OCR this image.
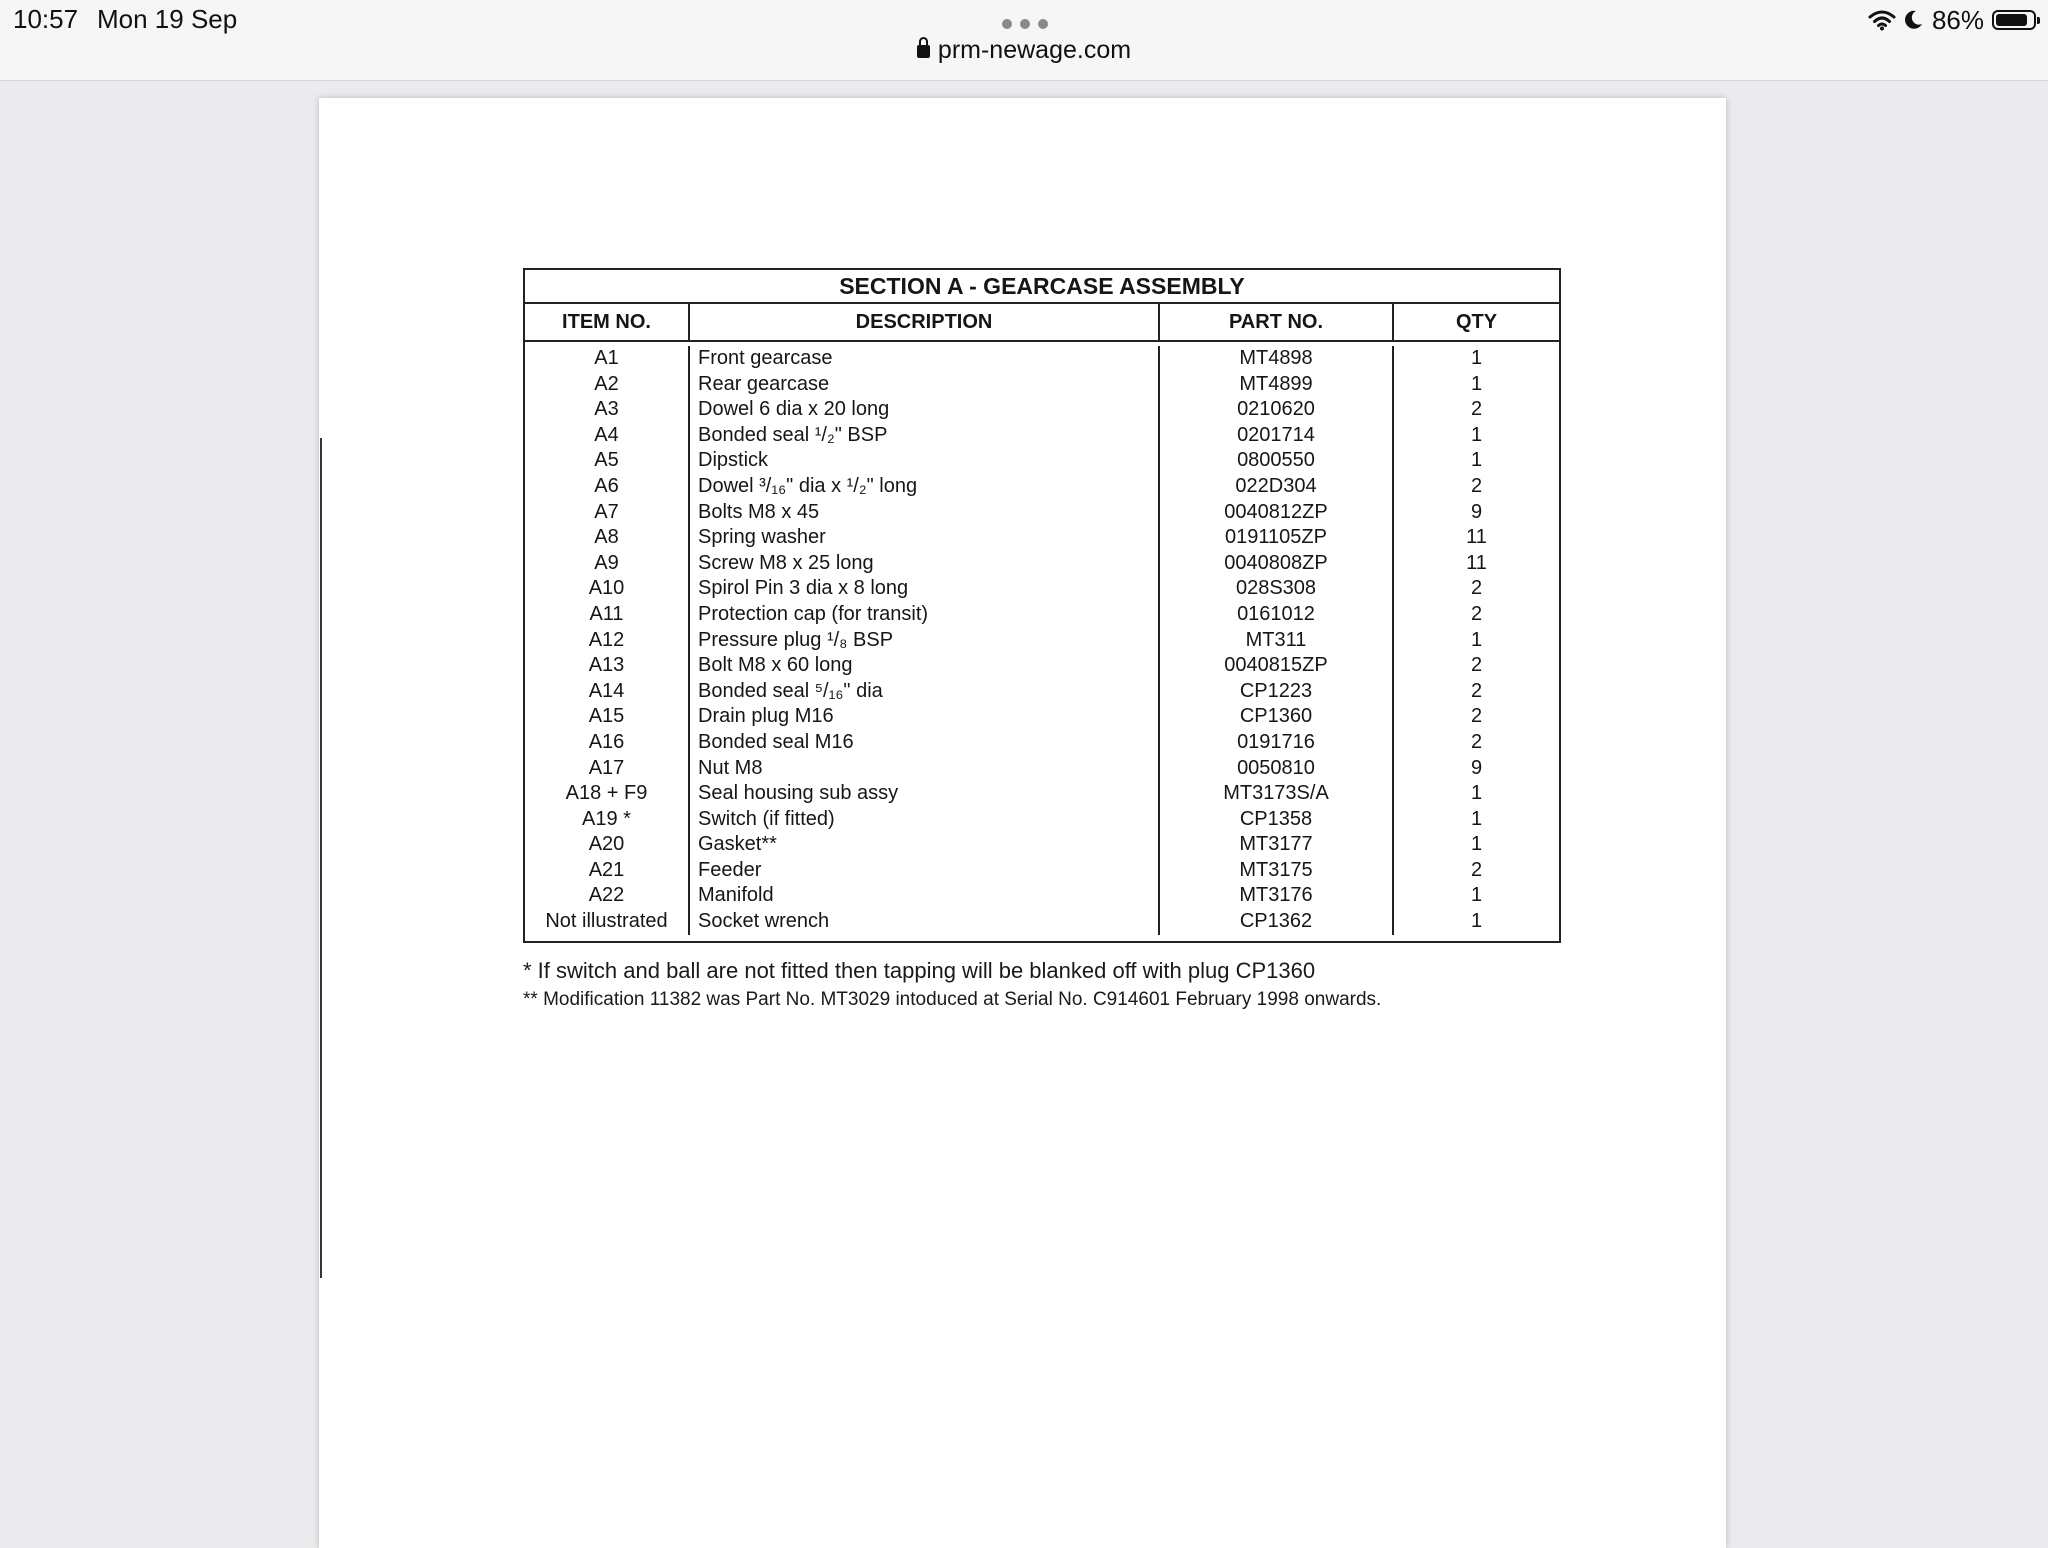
10:57 Mon 19 Sep
prm-newage.com
86%
SECTION A - GEARCASE ASSEMBLY
ITEM NO.	DESCRIPTION	PART NO.	QTY
A1	Front gearcase	MT4898	1
A2	Rear gearcase	MT4899	1
A3	Dowel 6 dia x 20 long	0210620	2
A4	Bonded seal ¹/₂" BSP	0201714	1
A5	Dipstick	0800550	1
A6	Dowel ³/₁₆" dia x ¹/₂" long	022D304	2
A7	Bolts M8 x 45	0040812ZP	9
A8	Spring washer	0191105ZP	11
A9	Screw M8 x 25 long	0040808ZP	11
A10	Spirol Pin 3 dia x 8 long	028S308	2
A11	Protection cap (for transit)	0161012	2
A12	Pressure plug ¹/₈ BSP	MT311	1
A13	Bolt M8 x 60 long	0040815ZP	2
A14	Bonded seal ⁵/₁₆" dia	CP1223	2
A15	Drain plug M16	CP1360	2
A16	Bonded seal M16	0191716	2
A17	Nut M8	0050810	9
A18 + F9	Seal housing sub assy	MT3173S/A	1
A19 *	Switch (if fitted)	CP1358	1
A20	Gasket**	MT3177	1
A21	Feeder	MT3175	2
A22	Manifold	MT3176	1
Not illustrated	Socket wrench	CP1362	1
* If switch and ball are not fitted then tapping will be blanked off with plug CP1360
** Modification 11382 was Part No. MT3029 intoduced at Serial No. C914601 February 1998 onwards.
